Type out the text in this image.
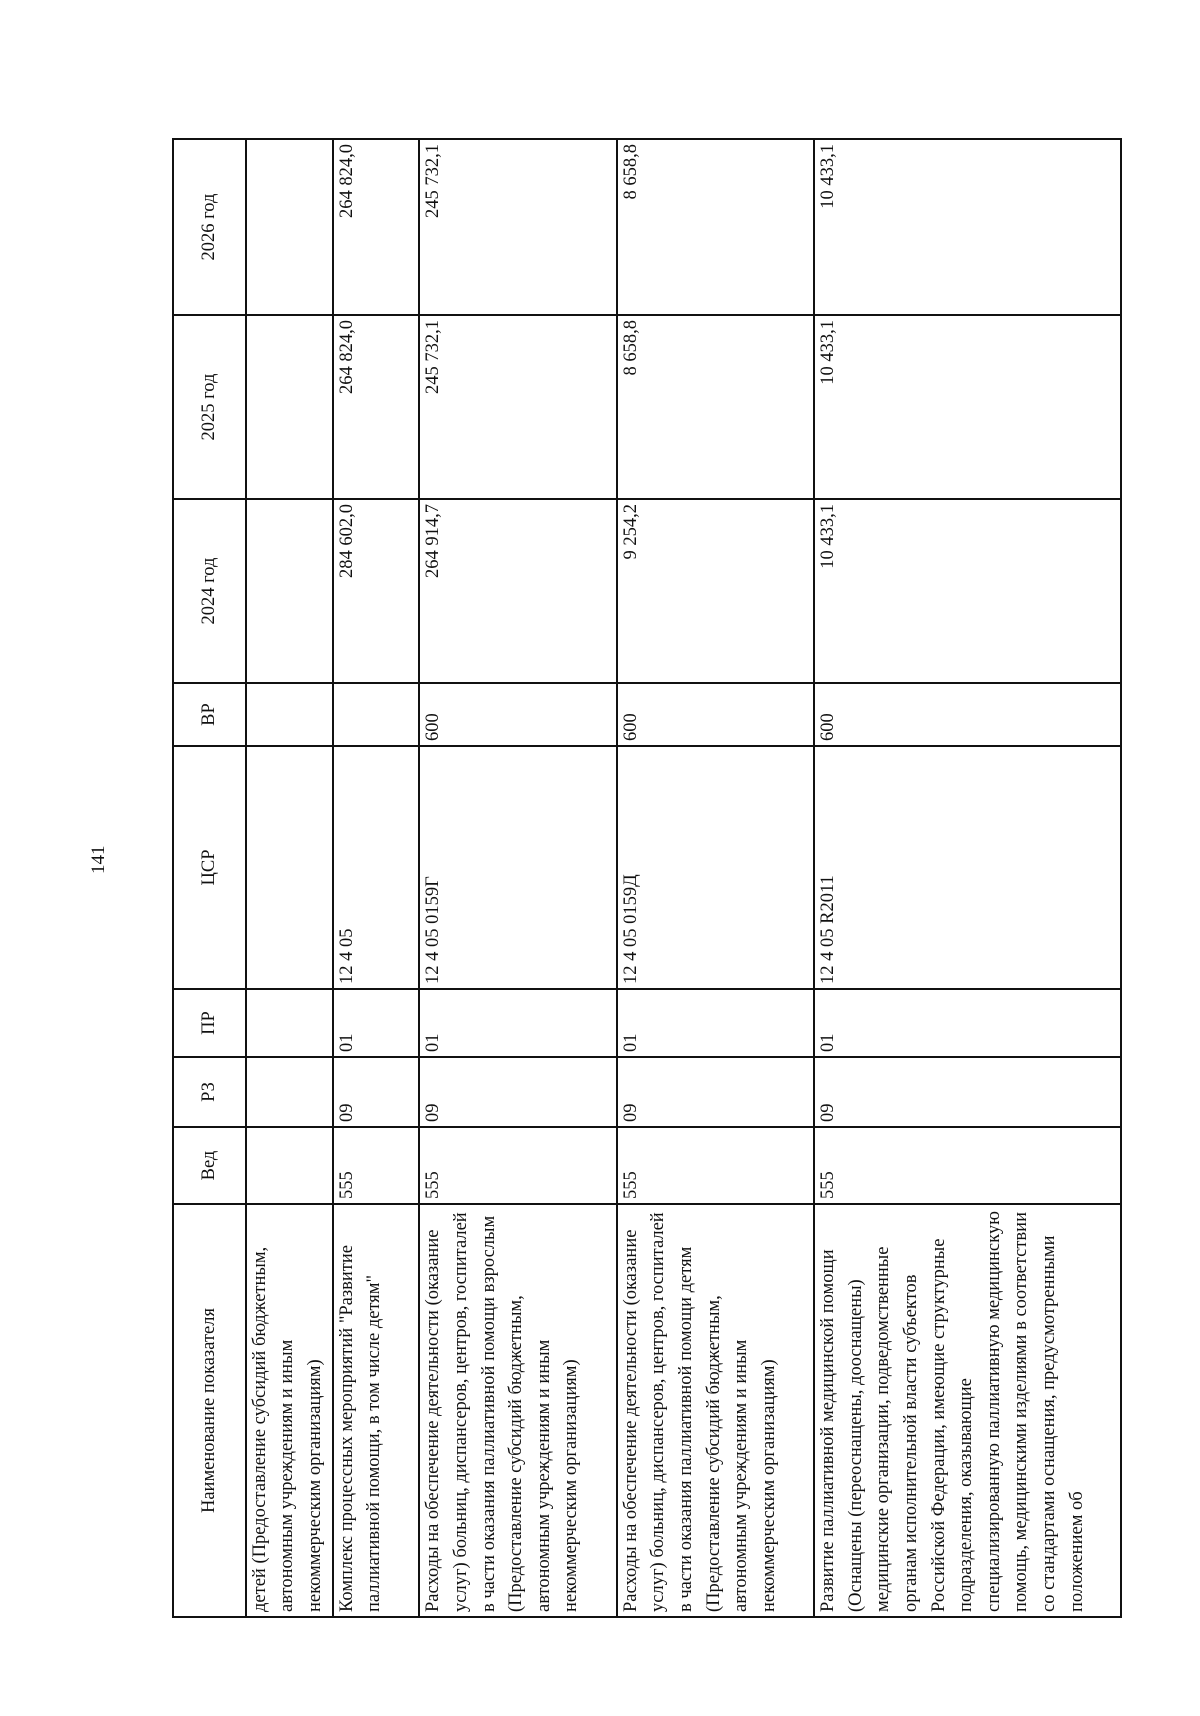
141
Наименование показателя	Вед	РЗ	ПР	ЦСР	ВР	2024 год	2025 год	2026 год
детей (Предоставление субсидий бюджетным, автономным учреждениям и иным некоммерческим организациям)								
Комплекс процессных мероприятий "Развитие паллиативной помощи, в том числе детям"	555	09	01	12 4 05		284 602,0	264 824,0	264 824,0
Расходы на обеспечение деятельности (оказание услуг) больниц, диспансеров, центров, госпиталей в части оказания паллиативной помощи взрослым (Предоставление субсидий бюджетным, автономным учреждениям и иным некоммерческим организациям)	555	09	01	12 4 05 0159Г	600	264 914,7	245 732,1	245 732,1
Расходы на обеспечение деятельности (оказание услуг) больниц, диспансеров, центров, госпиталей в части оказания паллиативной помощи детям (Предоставление субсидий бюджетным, автономным учреждениям и иным некоммерческим организациям)	555	09	01	12 4 05 0159Д	600	9 254,2	8 658,8	8 658,8
Развитие паллиативной медицинской помощи (Оснащены (переоснащены, дооснащены) медицинские организации, подведомственные органам исполнительной власти субъектов Российской Федерации, имеющие структурные подразделения, оказывающие специализированную паллиативную медицинскую помощь, медицинскими изделиями в соответствии со стандартами оснащения, предусмотренными положением об	555	09	01	12 4 05 R2011	600	10 433,1	10 433,1	10 433,1
